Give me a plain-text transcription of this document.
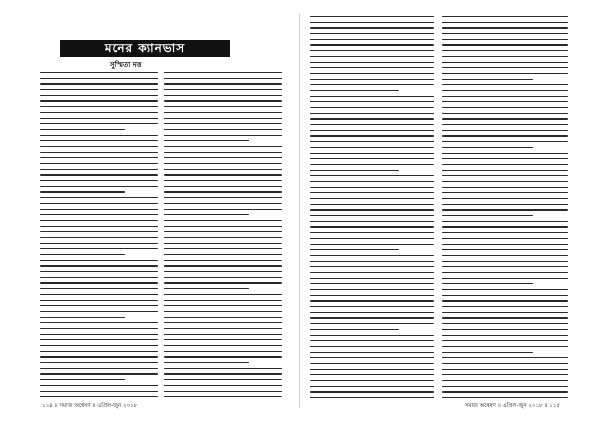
মনের ক্যানভাস
সুস্মিতা দত্ত
১১৪ ॥ সমাজ অন্বেষণ ॥ এপ্রিল-জুন ২০১৮	সমাজ অন্বেষণ ॥ এপ্রিল-জুন ২০১৮ ॥ ১১৫
